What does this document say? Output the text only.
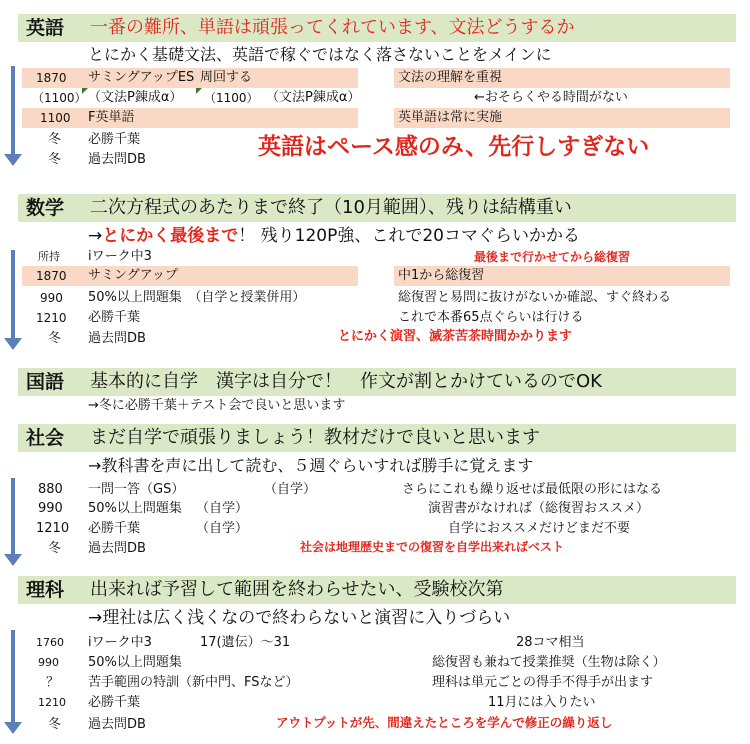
英語 一番の難所、単語は頑張ってくれています、文法どうするか
とにかく基礎文法、英語で稼ぐではなく落さないことをメインに
1870 サミングアップES 周回する	文法の理解を重視
（1100） （文法P錬成α） （1100） （文法P錬成α）	←おそらくやる時間がない
1100 F英単語	英単語は常に実施
冬 必勝千葉
冬 過去問DB	英語はペース感のみ、先行しすぎない
数学 二次方程式のあたりまで終了（10月範囲）、残りは結構重い
→とにかく最後まで！ 残り120P強、これで20コマぐらいかかる
所持 iワーク中3	最後まで行かせてから総復習
1870 サミングアップ	中1から総復習
990 50%以上問題集　（自学と授業併用）	総復習と易問に抜けがないか確認、すぐ終わる
1210 必勝千葉	これで本番65点ぐらいは行ける
冬 過去問DB	とにかく演習、滅茶苦茶時間かかります
国語 基本的に自学　漢字は自分で！　作文が割とかけているのでOK
→冬に必勝千葉＋テスト会で良いと思います
社会 まだ自学で頑張りましょう！教材だけで良いと思います
→教科書を声に出して読む、５週ぐらいすれば勝手に覚えます
880 一問一答（GS）	（自学）	さらにこれも繰り返せば最低限の形にはなる
990 50%以上問題集 （自学）	演習書がなければ（総復習おススメ）
1210 必勝千葉	（自学）	自学におススメだけどまだ不要
冬 過去問DB	社会は地理歴史までの復習を自学出来ればベスト
理科 出来れば予習して範囲を終わらせたい、受験校次第
→理社は広く浅くなので終わらないと演習に入りづらい
1760 iワーク中3	17(遺伝）～31	28コマ相当
990 50%以上問題集	総復習も兼ねて授業推奨（生物は除く）
？ 苦手範囲の特訓（新中門、FSなど）	理科は単元ごとの得手不得手が出ます
1210 必勝千葉	11月には入りたい
冬 過去問DB	アウトプットが先、間違えたところを学んで修正の繰り返し
